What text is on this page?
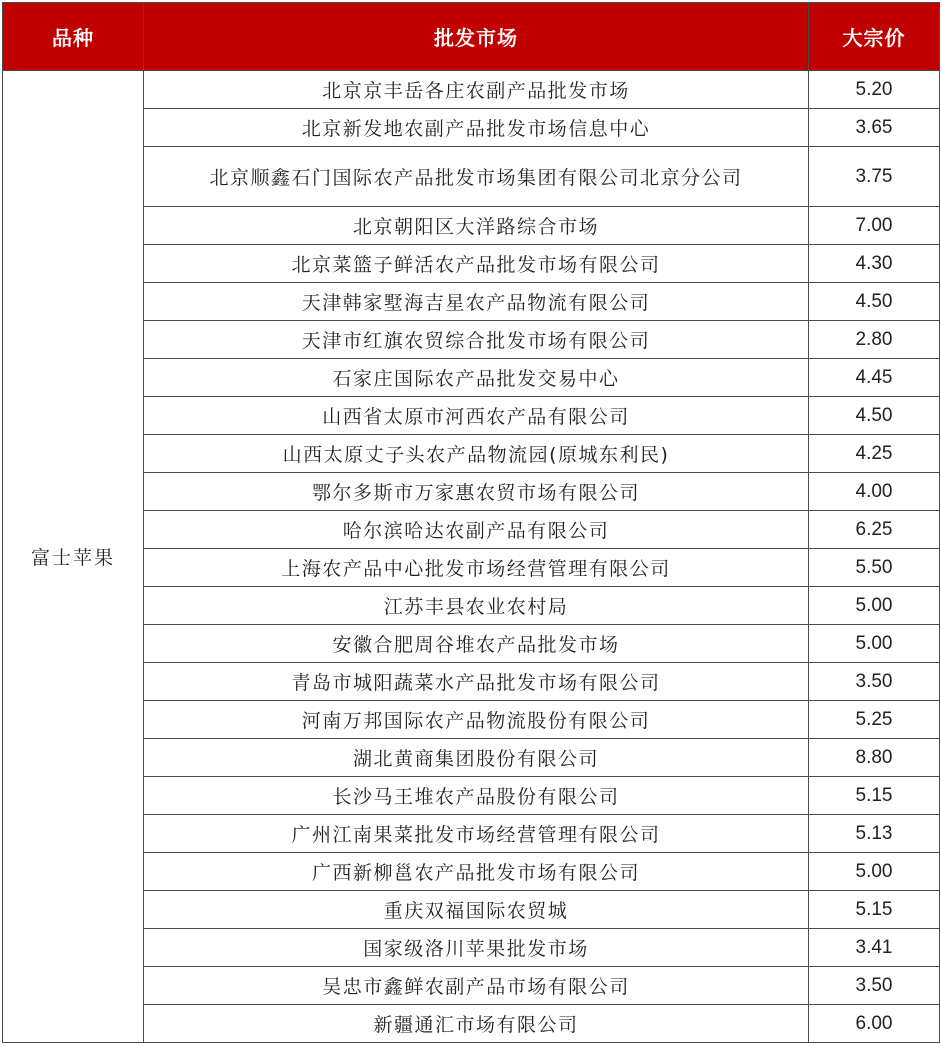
品种	批发市场	大宗价
富士苹果	北京京丰岳各庄农副产品批发市场	5.20
	北京新发地农副产品批发市场信息中心	3.65
	北京顺鑫石门国际农产品批发市场集团有限公司北京分公司	3.75
	北京朝阳区大洋路综合市场	7.00
	北京菜篮子鲜活农产品批发市场有限公司	4.30
	天津韩家墅海吉星农产品物流有限公司	4.50
	天津市红旗农贸综合批发市场有限公司	2.80
	石家庄国际农产品批发交易中心	4.45
	山西省太原市河西农产品有限公司	4.50
	山西太原丈子头农产品物流园(原城东利民)	4.25
	鄂尔多斯市万家惠农贸市场有限公司	4.00
	哈尔滨哈达农副产品有限公司	6.25
	上海农产品中心批发市场经营管理有限公司	5.50
	江苏丰县农业农村局	5.00
	安徽合肥周谷堆农产品批发市场	5.00
	青岛市城阳蔬菜水产品批发市场有限公司	3.50
	河南万邦国际农产品物流股份有限公司	5.25
	湖北黄商集团股份有限公司	8.80
	长沙马王堆农产品股份有限公司	5.15
	广州江南果菜批发市场经营管理有限公司	5.13
	广西新柳邕农产品批发市场有限公司	5.00
	重庆双福国际农贸城	5.15
	国家级洛川苹果批发市场	3.41
	吴忠市鑫鲜农副产品市场有限公司	3.50
	新疆通汇市场有限公司	6.00
